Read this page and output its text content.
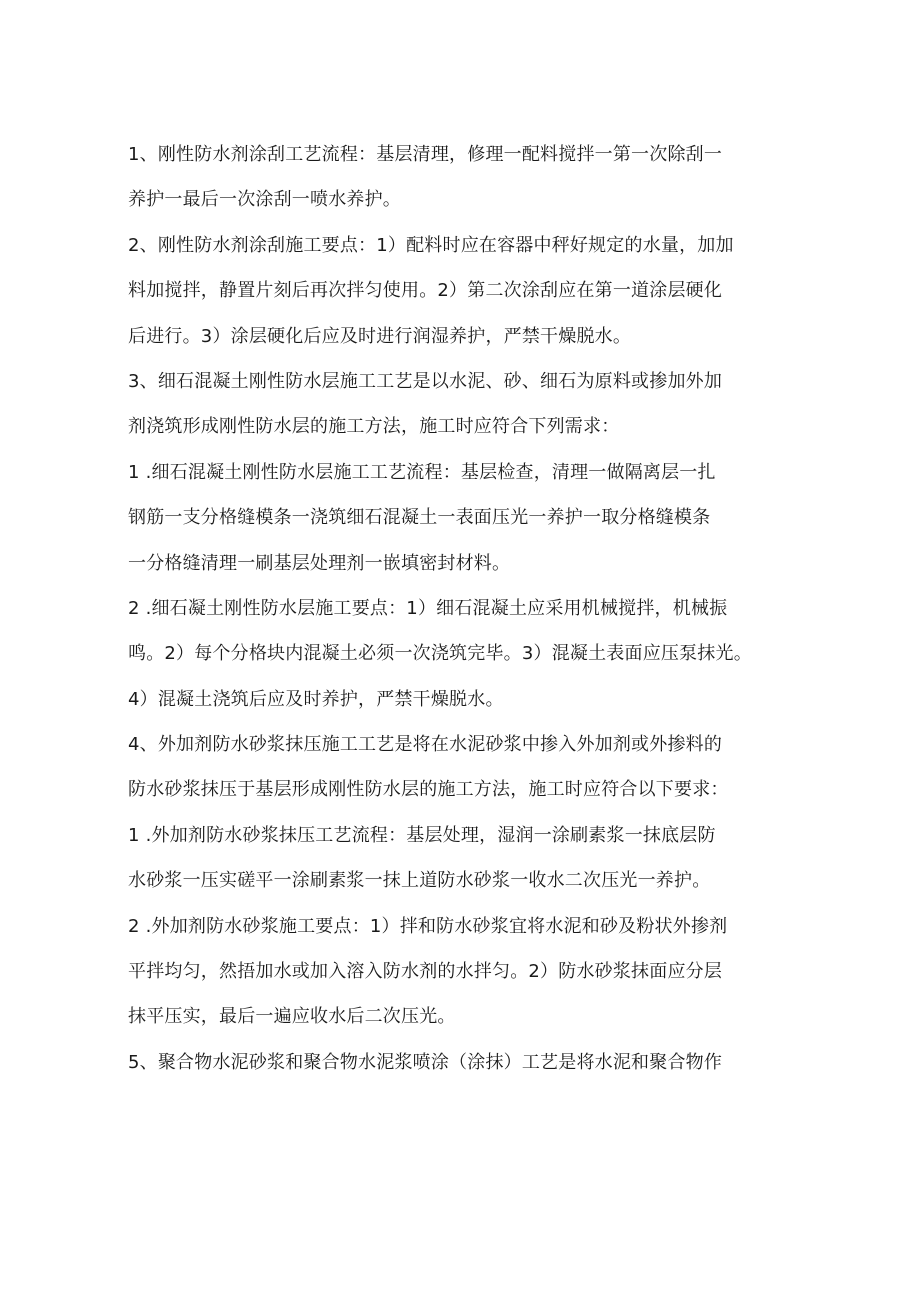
1、刚性防水剂涂刮工艺流程：基层清理，修理一配料搅拌一第一次除刮一
养护一最后一次涂刮一喷水养护。
2、刚性防水剂涂刮施工要点：1）配料时应在容器中秤好规定的水量，加加
料加搅拌，静置片刻后再次拌匀使用。2）第二次涂刮应在第一道涂层硬化
后进行。3）涂层硬化后应及时进行润湿养护，严禁干燥脱水。
3、细石混凝土刚性防水层施工工艺是以水泥、砂、细石为原料或掺加外加
剂浇筑形成刚性防水层的施工方法，施工时应符合下列需求：
1 .细石混凝土刚性防水层施工工艺流程：基层检查，清理一做隔离层一扎
钢筋一支分格缝模条一浇筑细石混凝土一表面压光一养护一取分格缝模条
一分格缝清理一刷基层处理剂一嵌填密封材料。
2 .细石凝土刚性防水层施工要点：1）细石混凝土应采用机械搅拌，机械振
鸣。2）每个分格块内混凝土必须一次浇筑完毕。3）混凝土表面应压泵抹光。
4）混凝土浇筑后应及时养护，严禁干燥脱水。
4、外加剂防水砂浆抹压施工工艺是将在水泥砂浆中掺入外加剂或外掺料的
防水砂浆抹压于基层形成刚性防水层的施工方法，施工时应符合以下要求：
1 .外加剂防水砂浆抹压工艺流程：基层处理，湿润一涂刷素浆一抹底层防
水砂浆一压实磋平一涂刷素浆一抹上道防水砂浆一收水二次压光一养护。
2 .外加剂防水砂浆施工要点：1）拌和防水砂浆宜将水泥和砂及粉状外掺剂
平拌均匀，然捂加水或加入溶入防水剂的水拌匀。2）防水砂浆抹面应分层
抹平压实，最后一遍应收水后二次压光。
5、聚合物水泥砂浆和聚合物水泥浆喷涂（涂抹）工艺是将水泥和聚合物作
